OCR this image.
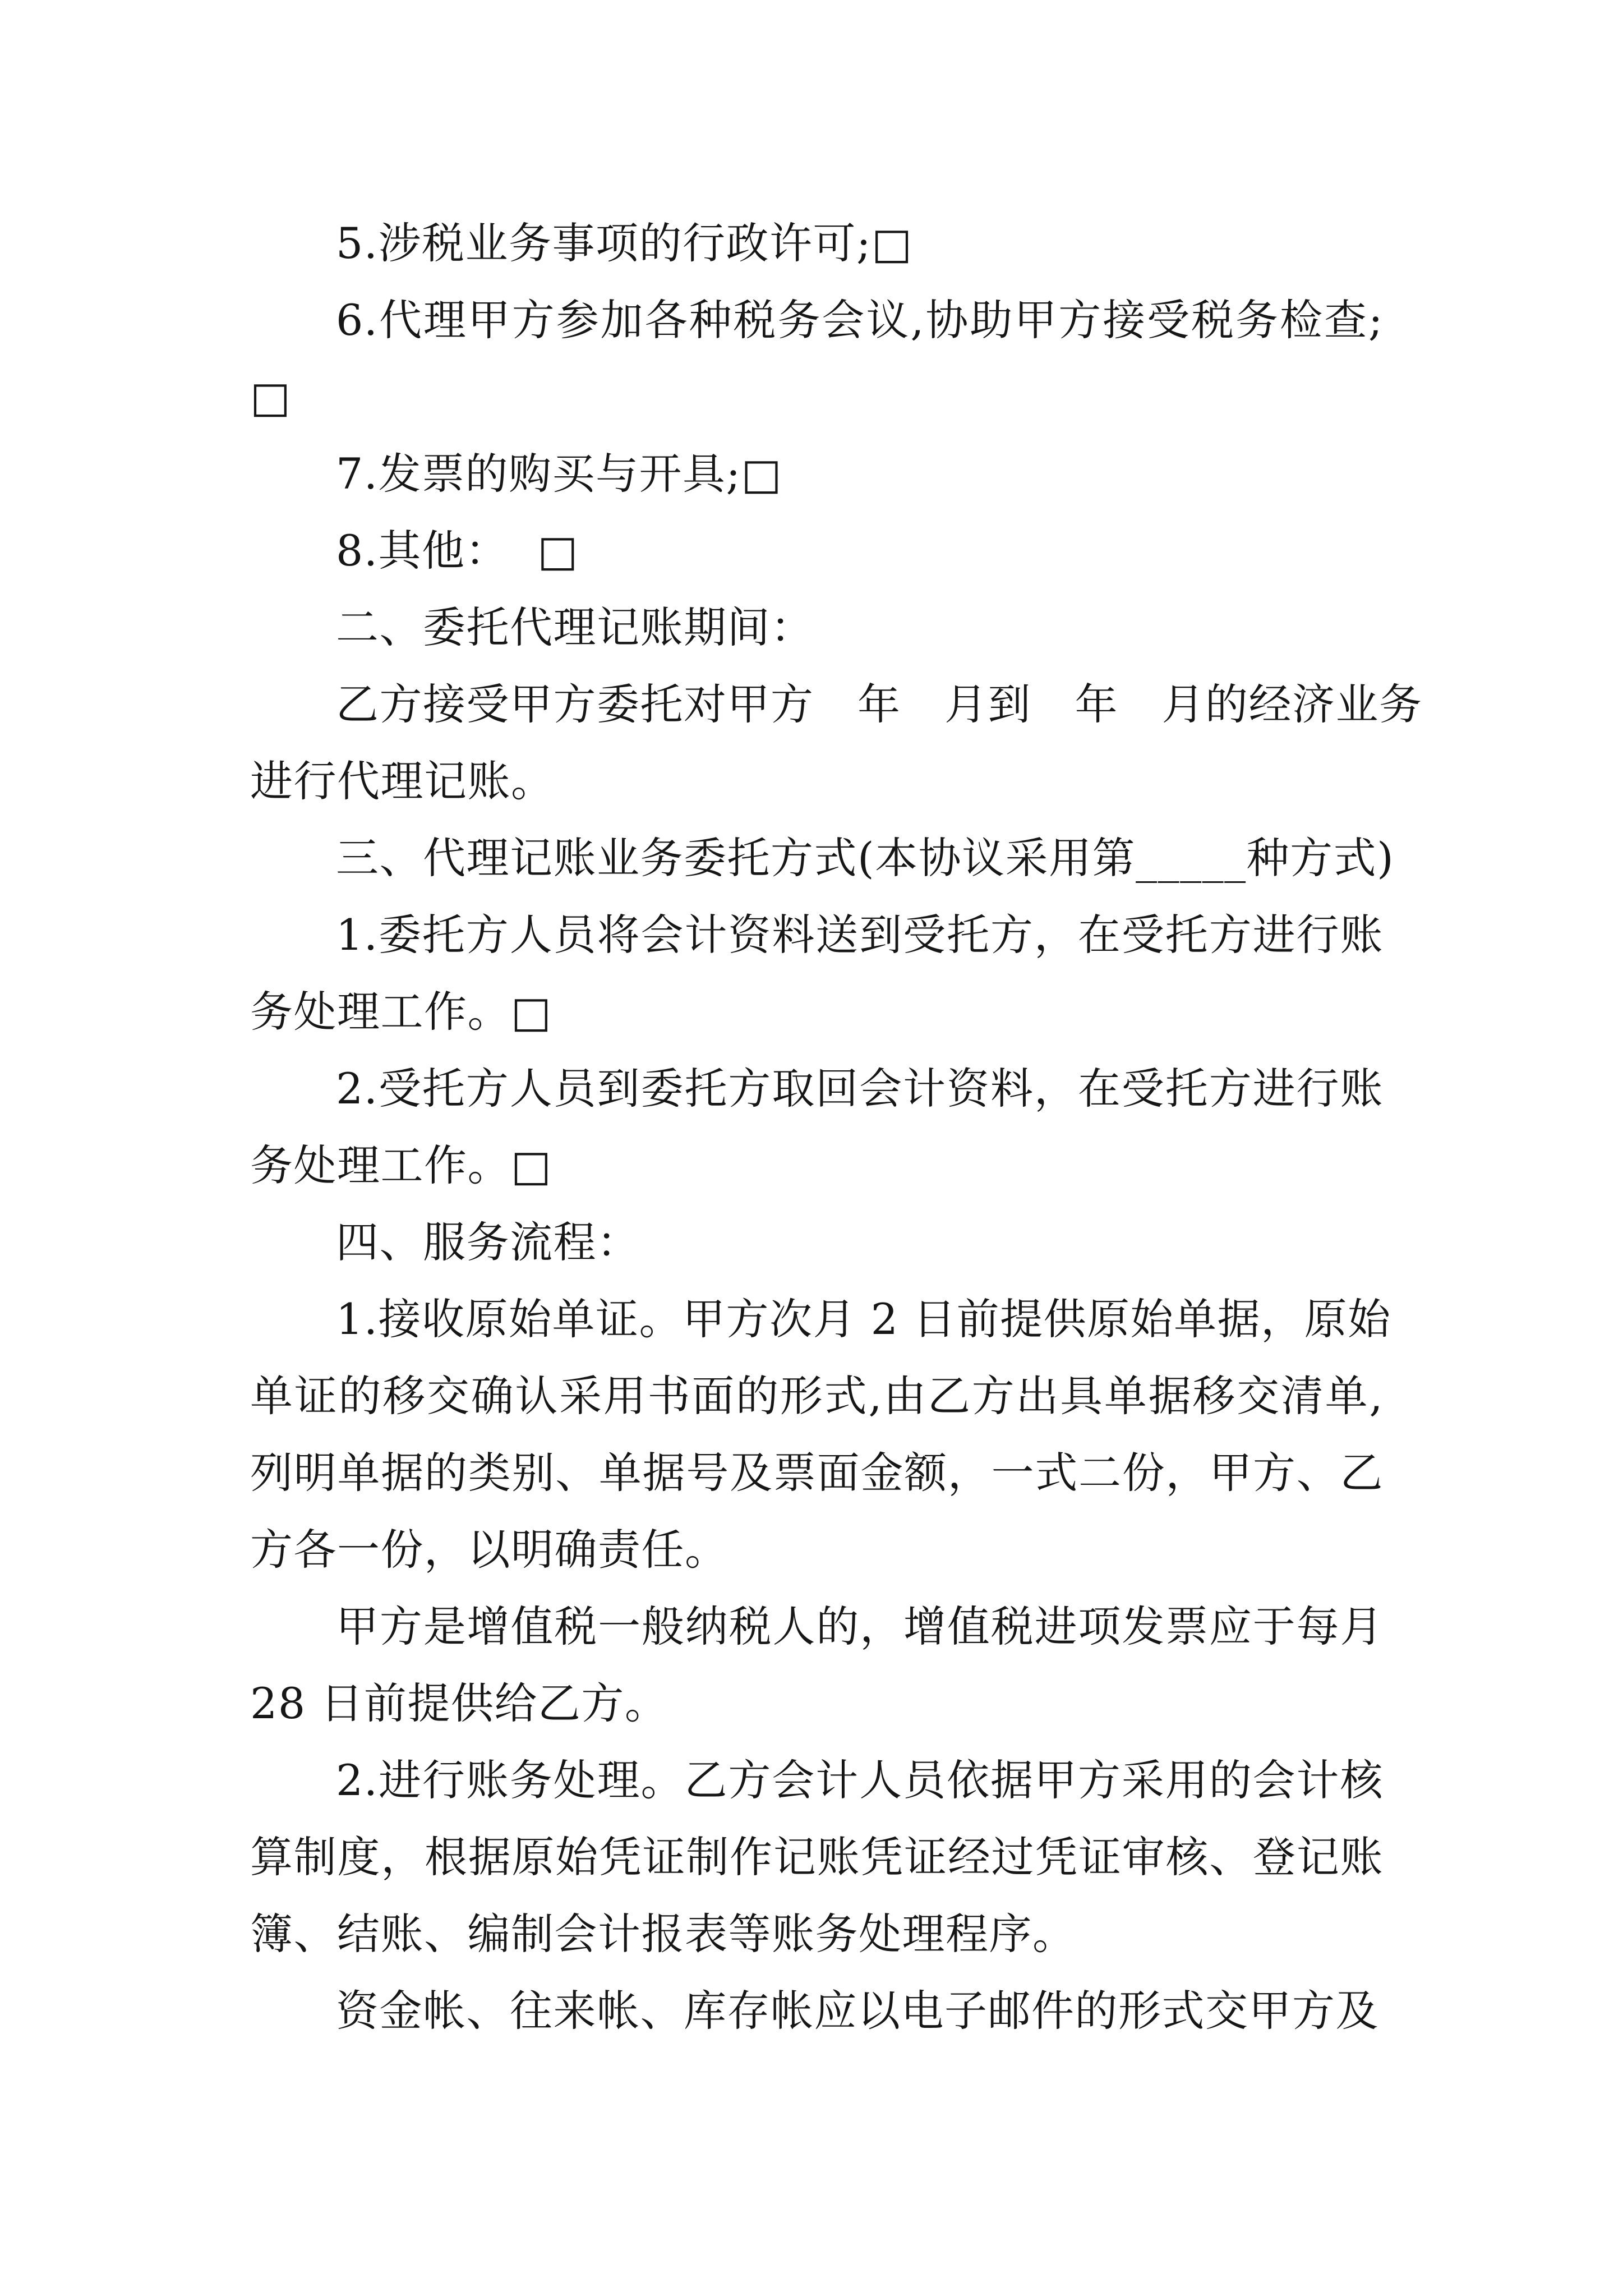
5.涉税业务事项的行政许可;□
6.代理甲方参加各种税务会议,协助甲方接受税务检查;
□
7.发票的购买与开具;□
8.其他：  □
二、委托代理记账期间：
乙方接受甲方委托对甲方　年　月到　年　月的经济业务
进行代理记账。
三、代理记账业务委托方式(本协议采用第_____种方式)
1.委托方人员将会计资料送到受托方，在受托方进行账
务处理工作。□
2.受托方人员到委托方取回会计资料，在受托方进行账
务处理工作。□
四、服务流程：
1.接收原始单证。甲方次月 2 日前提供原始单据，原始
单证的移交确认采用书面的形式,由乙方出具单据移交清单,
列明单据的类别、单据号及票面金额，一式二份，甲方、乙
方各一份，以明确责任。
甲方是增值税一般纳税人的，增值税进项发票应于每月
28 日前提供给乙方。
2.进行账务处理。乙方会计人员依据甲方采用的会计核
算制度，根据原始凭证制作记账凭证经过凭证审核、登记账
簿、结账、编制会计报表等账务处理程序。
资金帐、往来帐、库存帐应以电子邮件的形式交甲方及
